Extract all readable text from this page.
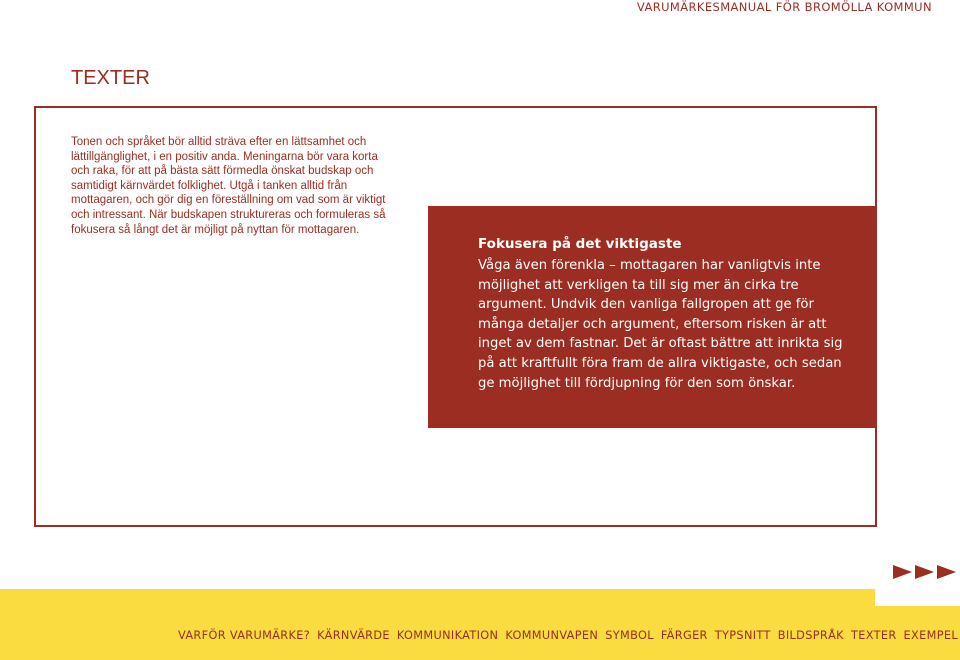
VARUMÄRKESMANUAL FÖR BROMÖLLA KOMMUN
TEXTER

Tonen och språket bör alltid sträva efter en lättsamhet och lättillgänglighet, i en positiv anda. Meningarna bör vara korta och raka, för att på bästa sätt förmedla önskat budskap och samtidigt kärnvärdet folklighet. Utgå i tanken alltid från mottagaren, och gör dig en föreställning om vad som är viktigt och intressant. När budskapen struktureras och formuleras så fokusera så långt det är möjligt på nyttan för mottagaren.

Fokusera på det viktigaste

Våga även förenkla – mottagaren har vanligtvis inte möjlighet att verkligen ta till sig mer än cirka tre argument. Undvik den vanliga fallgropen att ge för många detaljer och argument, eftersom risken är att inget av dem fastnar. Det är oftast bättre att inrikta sig på att kraftfullt föra fram de allra viktigaste, och sedan ge möjlighet till fördjupning för den som önskar.

VARFÖR VARUMÄRKE? KÄRNVÄRDE KOMMUNIKATION KOMMUNVAPEN SYMBOL FÄRGER TYPSNITT BILDSPRÅK TEXTER EXEMPEL
